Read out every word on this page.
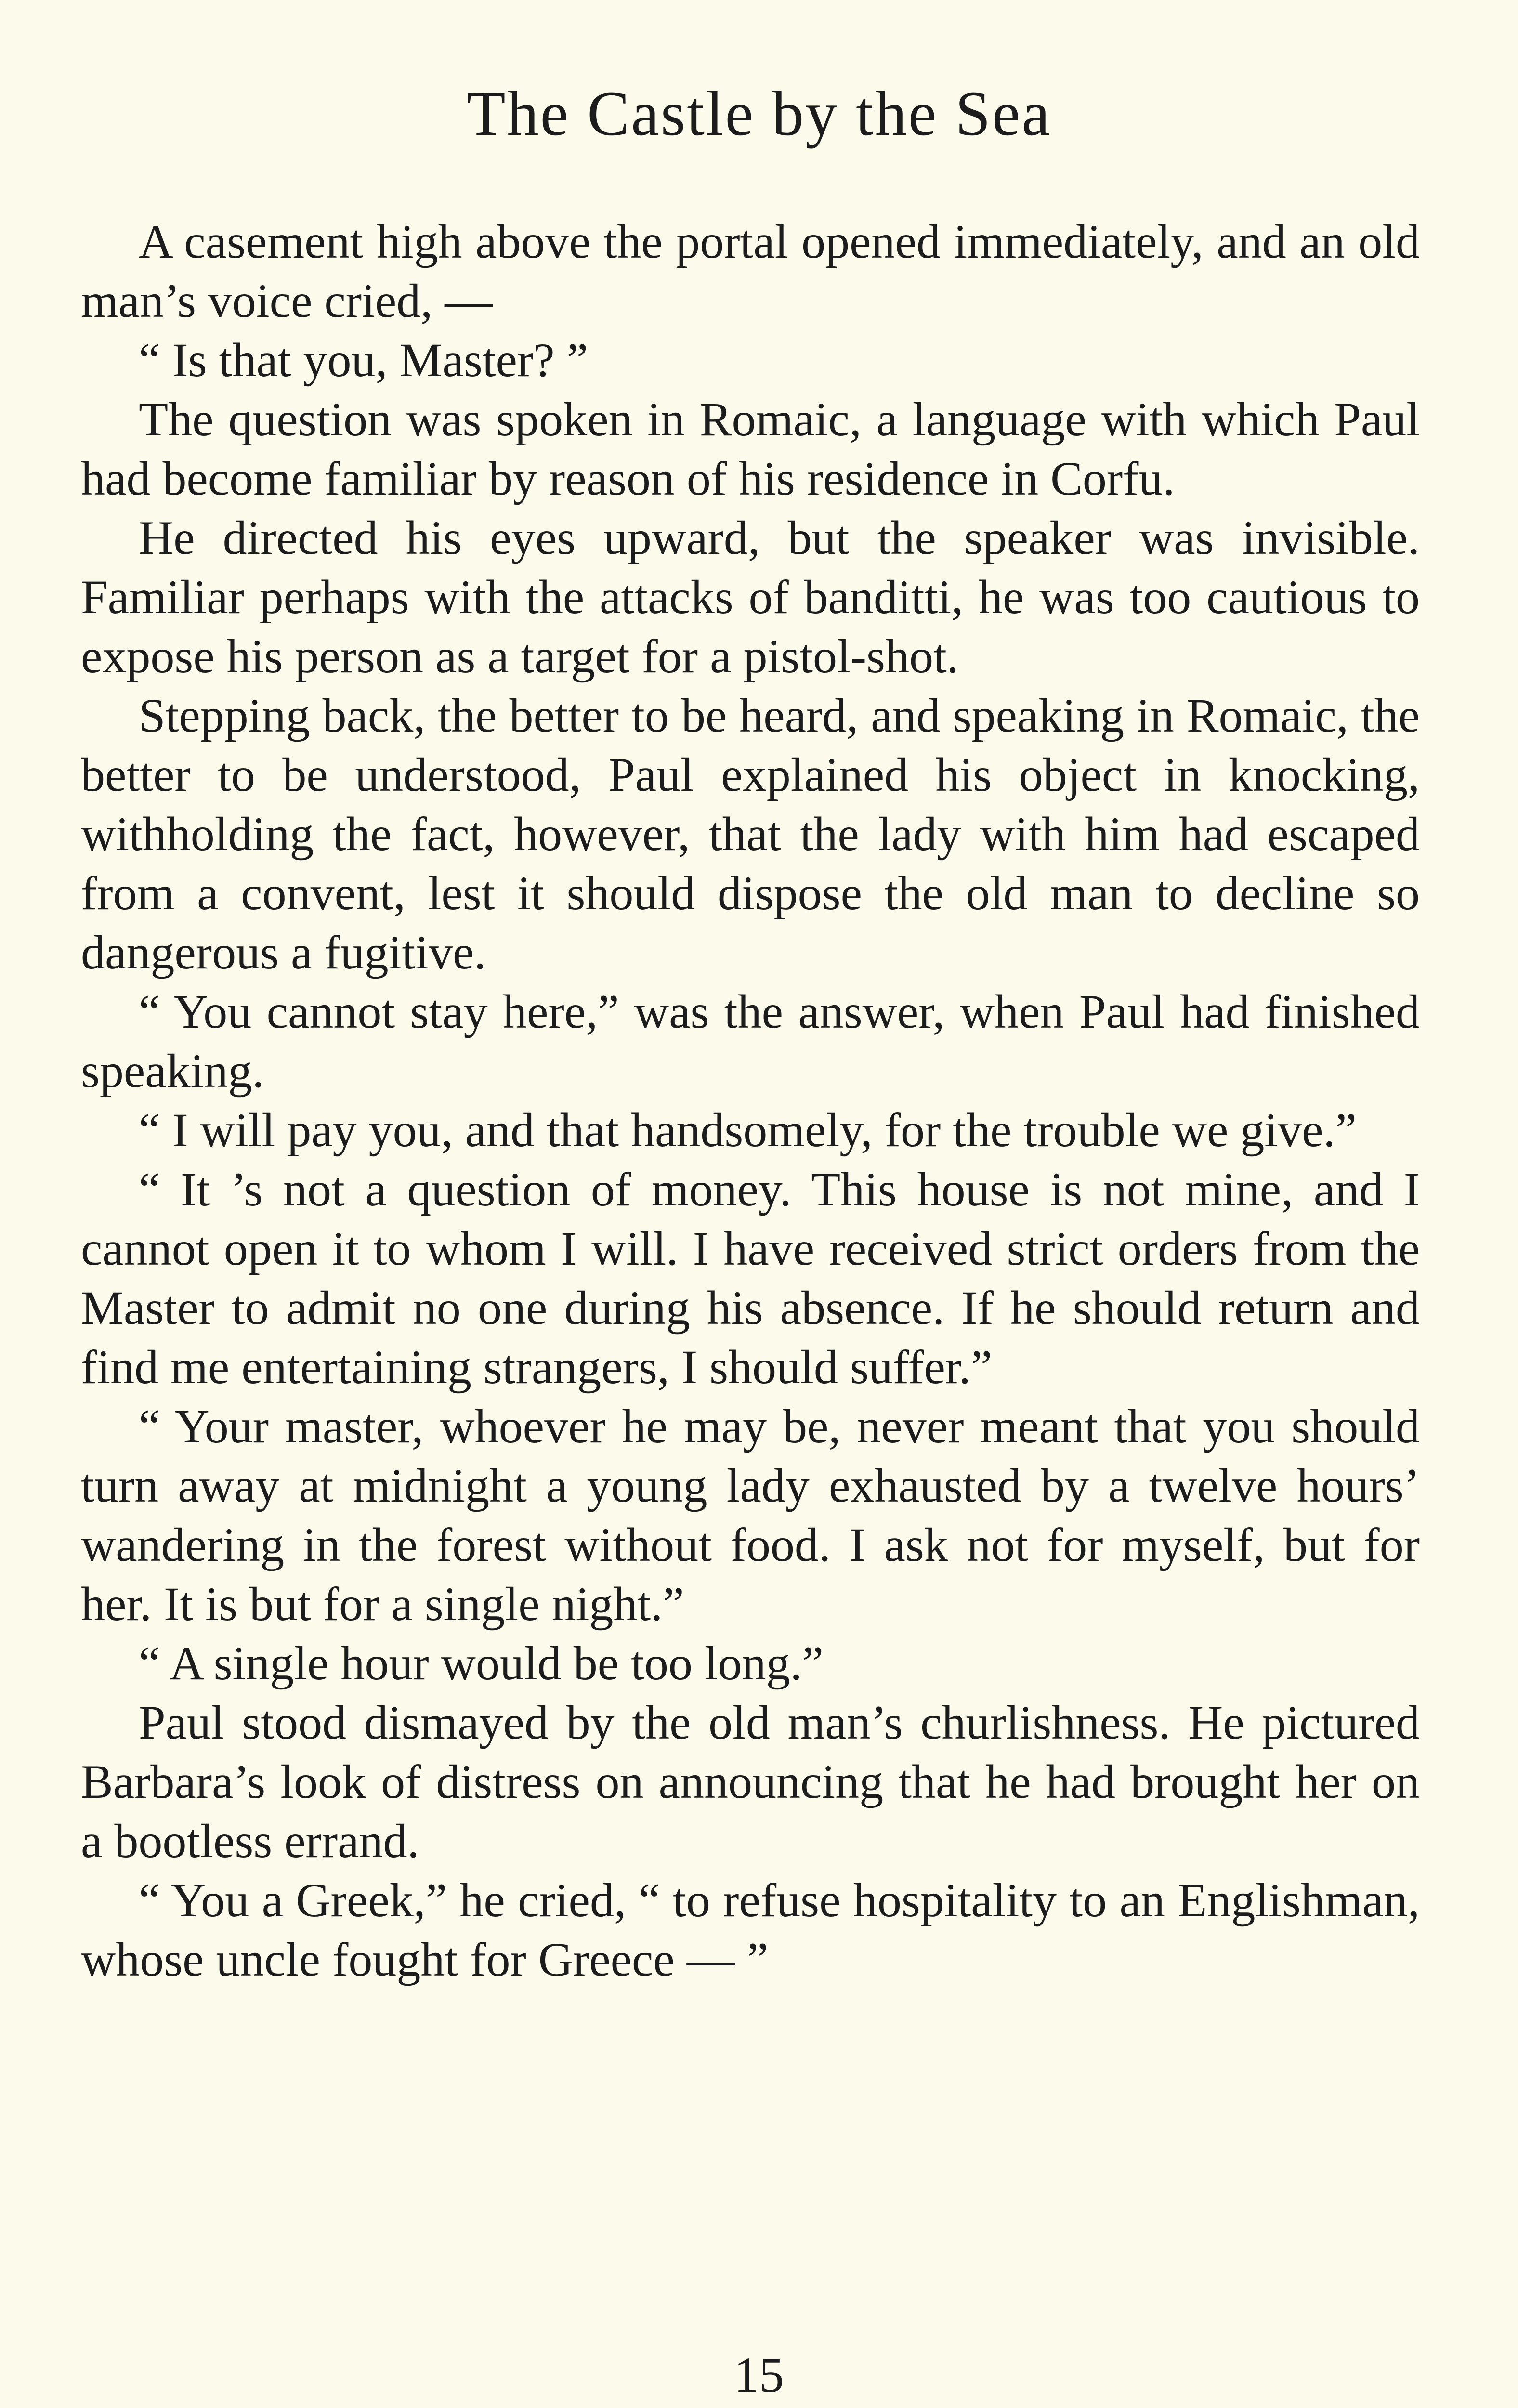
The Castle by the Sea

A casement high above the portal opened immediately, and an old man’s voice cried, —

“ Is that you, Master? ”

The question was spoken in Romaic, a language with which Paul had become familiar by reason of his residence in Corfu.

He directed his eyes upward, but the speaker was invisible. Familiar perhaps with the attacks of banditti, he was too cautious to expose his person as a target for a pistol-shot.

Stepping back, the better to be heard, and speaking in Romaic, the better to be understood, Paul explained his object in knocking, withholding the fact, however, that the lady with him had escaped from a convent, lest it should dispose the old man to decline so dangerous a fugitive.

“ You cannot stay here,” was the answer, when Paul had finished speaking.

“ I will pay you, and that handsomely, for the trouble we give.”

“ It ’s not a question of money. This house is not mine, and I cannot open it to whom I will. I have received strict orders from the Master to admit no one during his absence. If he should return and find me entertaining strangers, I should suffer.”

“ Your master, whoever he may be, never meant that you should turn away at midnight a young lady exhausted by a twelve hours’ wandering in the forest without food. I ask not for myself, but for her. It is but for a single night.”

“ A single hour would be too long.”

Paul stood dismayed by the old man’s churlishness. He pictured Barbara’s look of distress on announcing that he had brought her on a bootless errand.

“ You a Greek,” he cried, “ to refuse hospitality to an Englishman, whose uncle fought for Greece — ”

15
